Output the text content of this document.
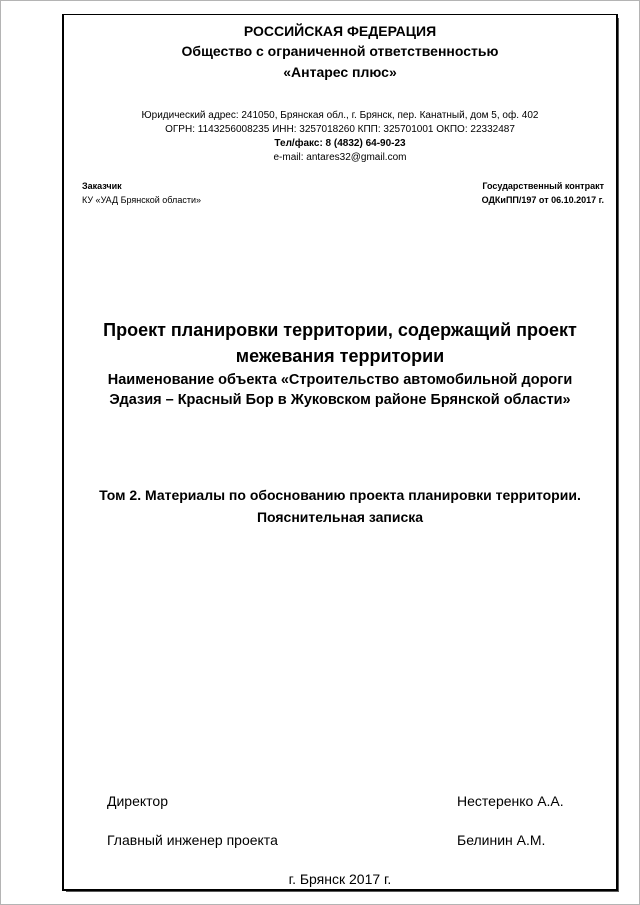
РОССИЙСКАЯ ФЕДЕРАЦИЯ

Общество с ограниченной ответственностью

«Антарес плюс»

Юридический адрес: 241050, Брянская обл., г. Брянск, пер. Канатный, дом 5, оф. 402

ОГРН: 1143256008235 ИНН: 3257018260 КПП: 325701001 ОКПО: 22332487

Тел/факс: 8 (4832) 64-90-23

e-mail: antares32@gmail.com

Заказчик

КУ «УАД Брянской области»

Государственный контракт

ОДКиПП/197 от 06.10.2017 г.

Проект планировки территории, содержащий проект

межевания территории

Наименование объекта «Строительство автомобильной дороги

Эдазия – Красный Бор в Жуковском районе Брянской области»

Том 2. Материалы по обоснованию проекта планировки территории.

Пояснительная записка

Директор	Нестеренко А.А.

Главный инженер проекта	Белинин А.М.

г. Брянск 2017 г.
